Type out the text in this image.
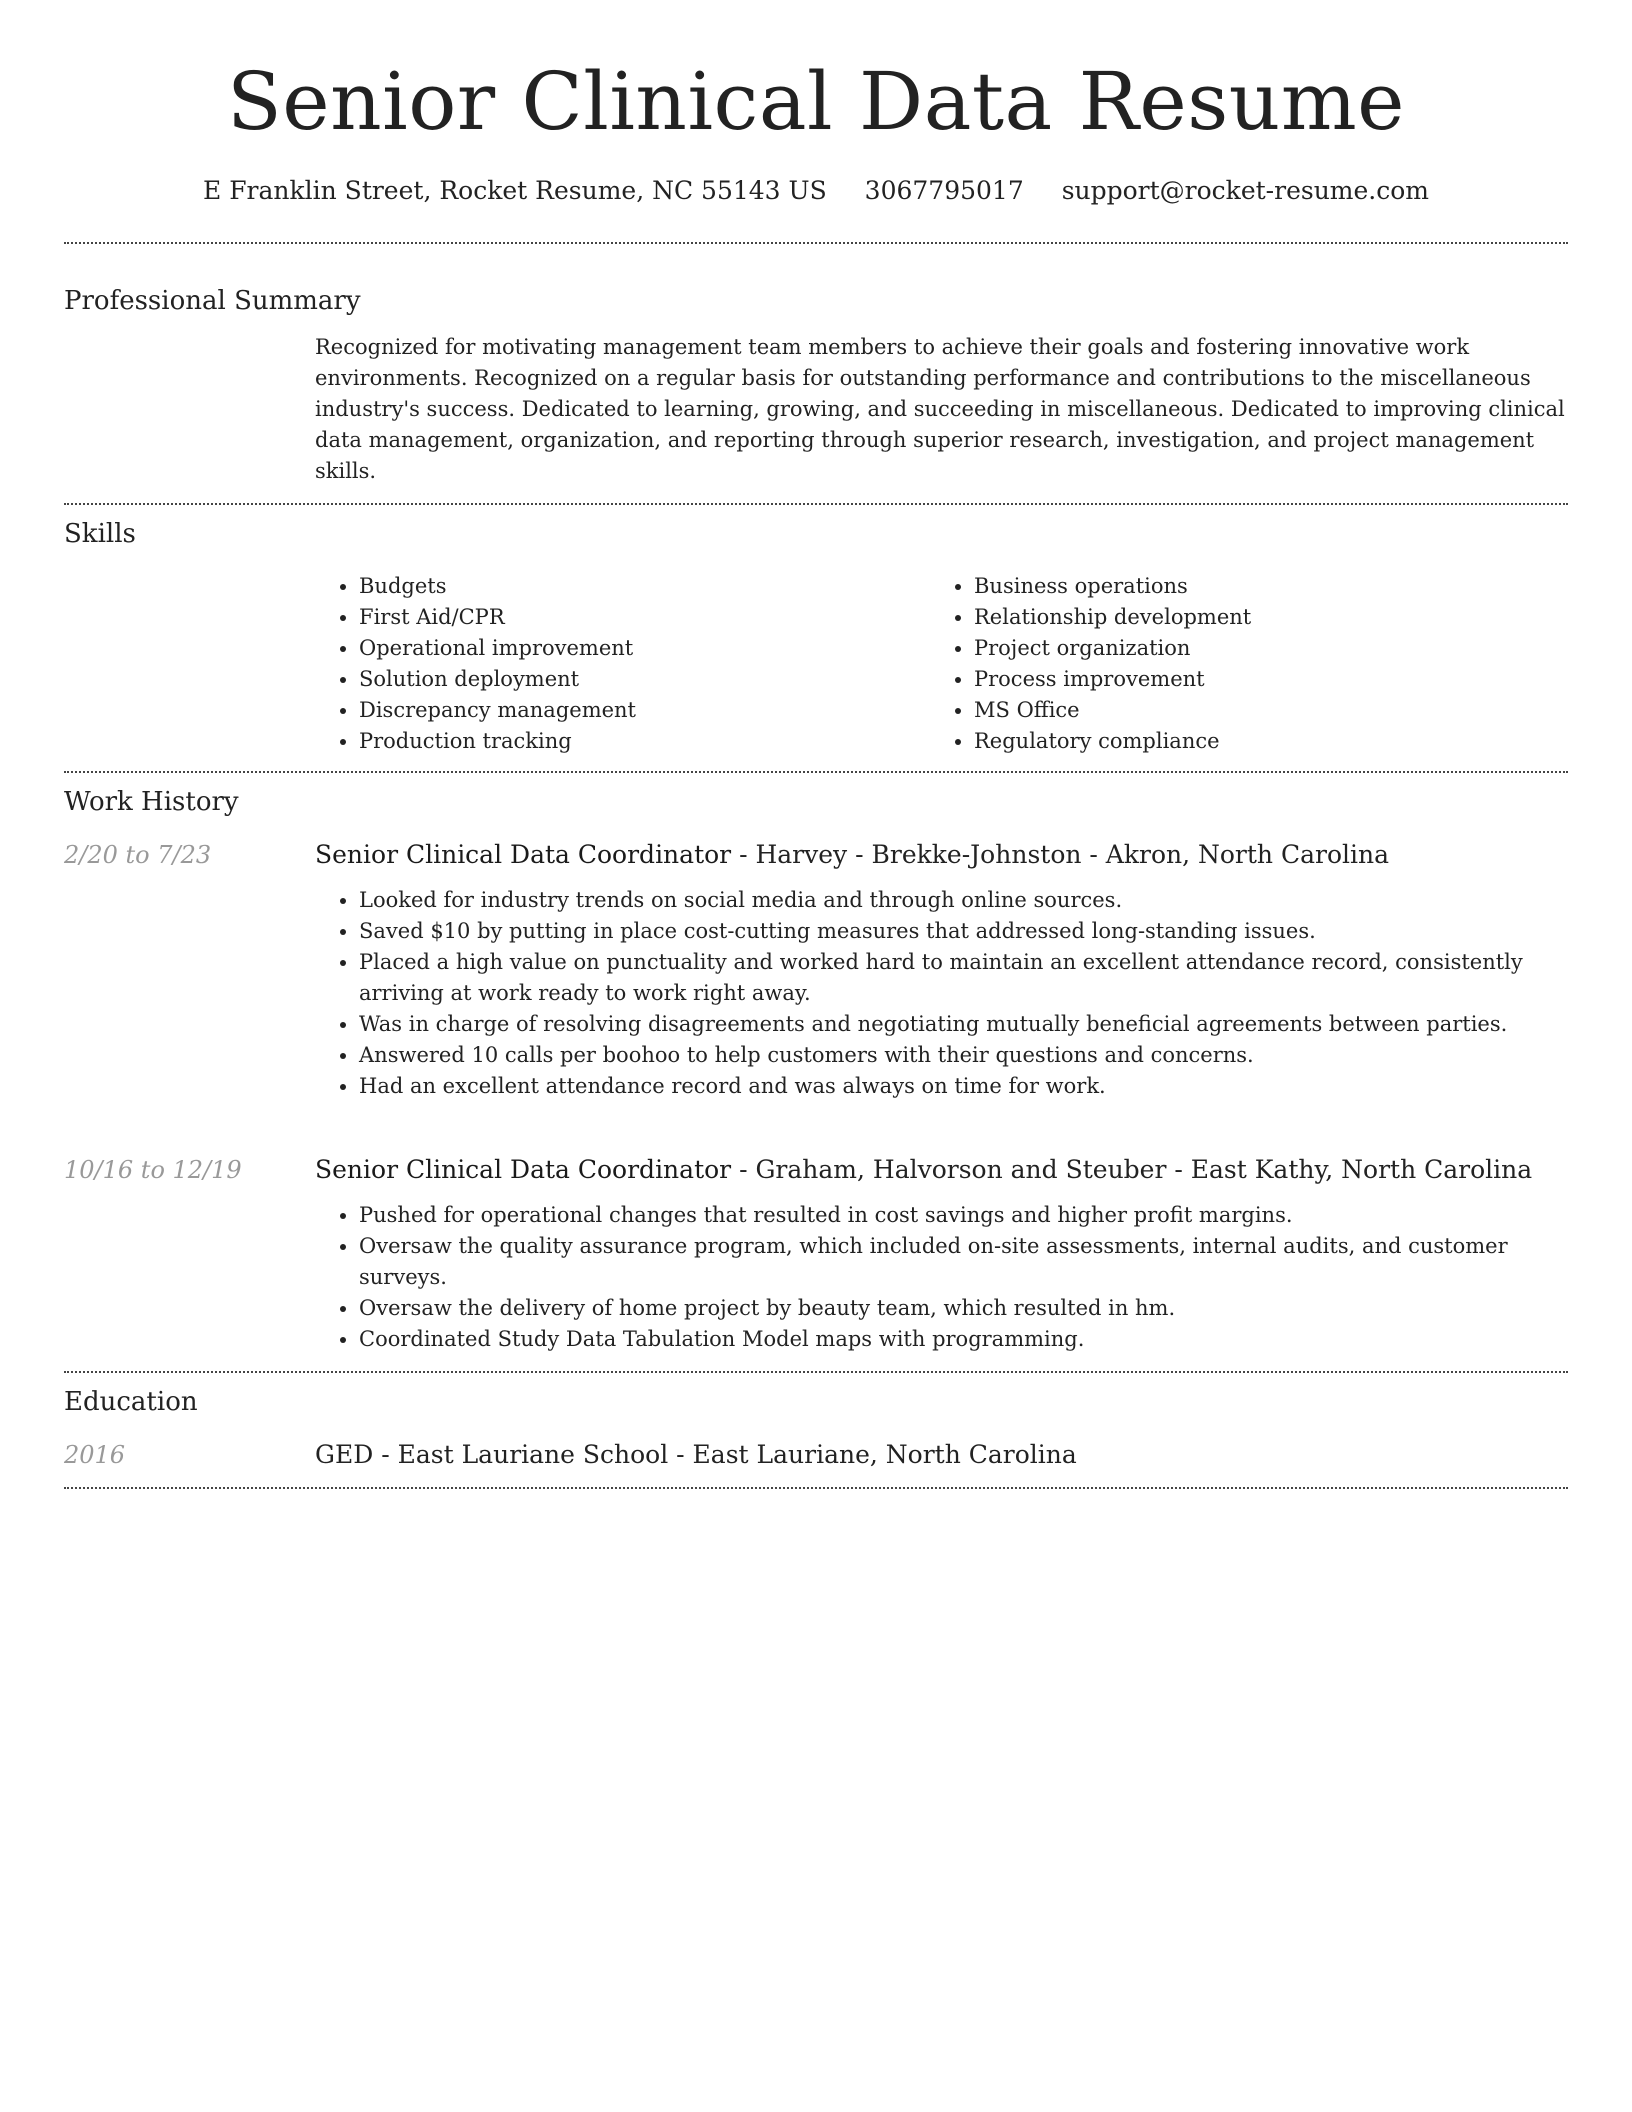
Senior Clinical Data Resume
E Franklin Street, Rocket Resume, NC 55143 US 3067795017 support@rocket-resume.com
Professional Summary
Recognized for motivating management team members to achieve their goals and fostering innovative work environments. Recognized on a regular basis for outstanding performance and contributions to the miscellaneous industry's success. Dedicated to learning, growing, and succeeding in miscellaneous. Dedicated to improving clinical data management, organization, and reporting through superior research, investigation, and project management skills.
Skills
• Budgets
• First Aid/CPR
• Operational improvement
• Solution deployment
• Discrepancy management
• Production tracking
• Business operations
• Relationship development
• Project organization
• Process improvement
• MS Office
• Regulatory compliance
Work History
2/20 to 7/23	Senior Clinical Data Coordinator - Harvey - Brekke-Johnston - Akron, North Carolina
• Looked for industry trends on social media and through online sources.
• Saved $10 by putting in place cost-cutting measures that addressed long-standing issues.
• Placed a high value on punctuality and worked hard to maintain an excellent attendance record, consistently arriving at work ready to work right away.
• Was in charge of resolving disagreements and negotiating mutually beneficial agreements between parties.
• Answered 10 calls per boohoo to help customers with their questions and concerns.
• Had an excellent attendance record and was always on time for work.
10/16 to 12/19	Senior Clinical Data Coordinator - Graham, Halvorson and Steuber - East Kathy, North Carolina
• Pushed for operational changes that resulted in cost savings and higher profit margins.
• Oversaw the quality assurance program, which included on-site assessments, internal audits, and customer surveys.
• Oversaw the delivery of home project by beauty team, which resulted in hm.
• Coordinated Study Data Tabulation Model maps with programming.
Education
2016	GED - East Lauriane School - East Lauriane, North Carolina
